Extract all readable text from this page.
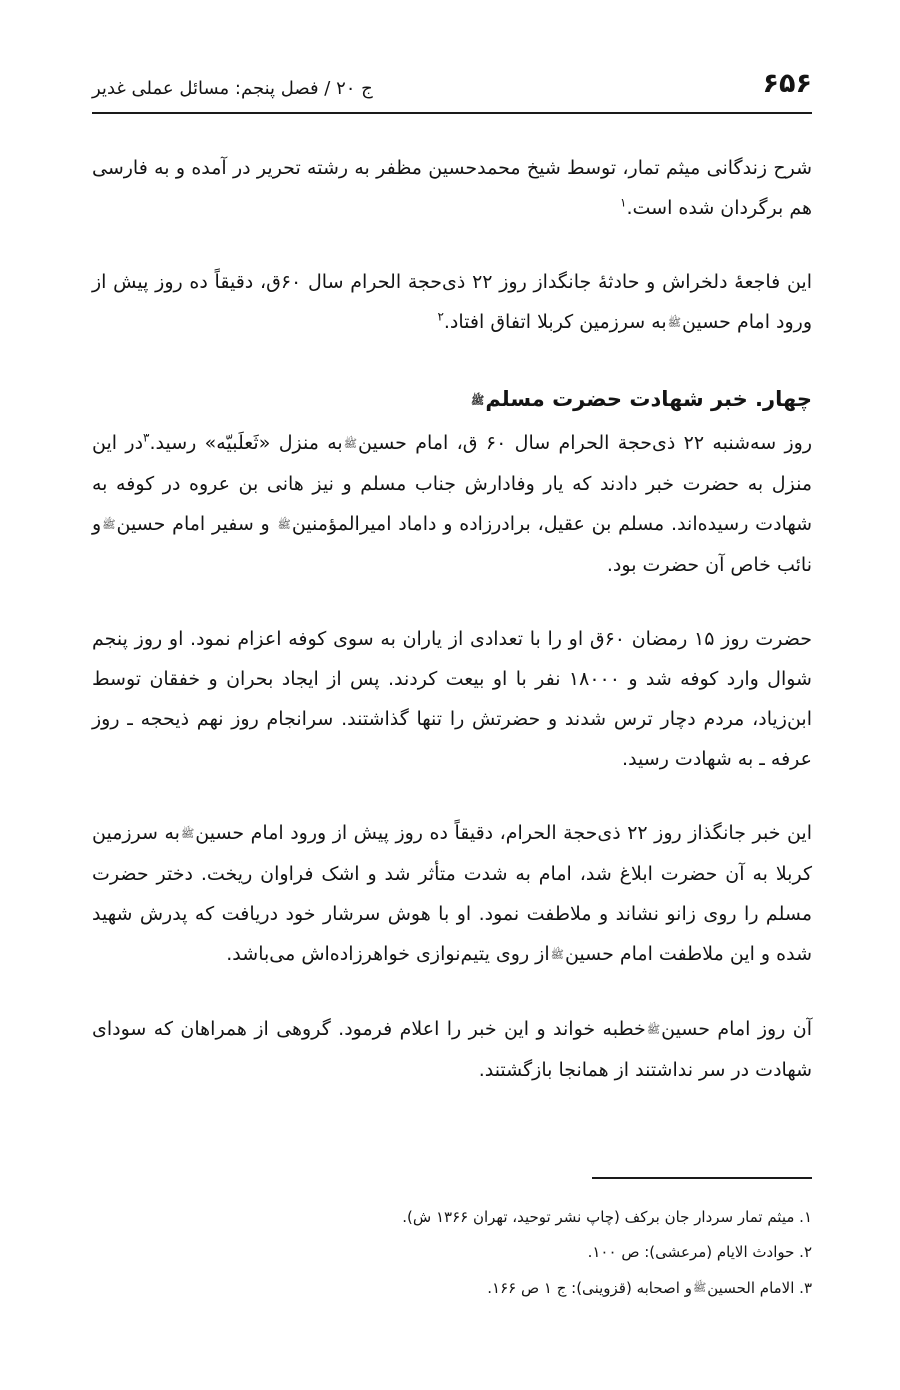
۶۵۶
ج ۲۰ / فصل پنجم: مسائل عملی غدیر

شرح زندگانی میثم تمار، توسط شیخ محمدحسین مظفر به رشته تحریر در آمده و به فارسی هم برگردان شده است.$^۱$

این فاجعهٔ دلخراش و حادثهٔ جانگداز روز ۲۲ ذی‌حجة الحرام سال ۶۰ق، دقیقاً ده روز پیش از ورود امام حسینﷺبه سرزمین کربلا اتفاق افتاد.$^۲$

چهار. خبر شهادت حضرت مسلمﷺ

روز سه‌شنبه ۲۲ ذی‌حجة الحرام سال ۶۰ ق، امام حسینﷺبه منزل «ثَعلَبیّه» رسید.$^۳$در این منزل به حضرت خبر دادند که یار وفادارش جناب مسلم و نیز هانی بن عروه در کوفه به شهادت رسیده‌اند. مسلم بن عقیل، برادرزاده و داماد امیرالمؤمنینﷺ و سفیر امام حسینﷺو نائب خاص آن حضرت بود.

حضرت روز ۱۵ رمضان ۶۰ق او را با تعدادی از یاران به سوی کوفه اعزام نمود. او روز پنجم شوال وارد کوفه شد و ۱۸۰۰۰ نفر با او بیعت کردند. پس از ایجاد بحران و خفقان توسط ابن‌زیاد، مردم دچار ترس شدند و حضرتش را تنها گذاشتند. سرانجام روز نهم ذیحجه ـ روز عرفه ـ به شهادت رسید.

این خبر جانگذاز روز ۲۲ ذی‌حجة الحرام، دقیقاً ده روز پیش از ورود امام حسینﷺبه سرزمین کربلا به آن حضرت ابلاغ شد، امام به شدت متأثر شد و اشک فراوان ریخت. دختر حضرت مسلم را روی زانو نشاند و ملاطفت نمود. او با هوش سرشار خود دریافت که پدرش شهید شده و این ملاطفت امام حسینﷺاز روی یتیم‌نوازی خواهرزاده‌اش می‌باشد.

آن روز امام حسینﷺخطبه خواند و این خبر را اعلام فرمود. گروهی از همراهان که سودای شهادت در سر نداشتند از همانجا بازگشتند.

۱. میثم تمار سردار جان برکف (چاپ نشر توحید، تهران ۱۳۶۶ ش).
۲. حوادث الایام (مرعشی): ص ۱۰۰.
۳. الامام الحسینﷺو اصحابه (قزوینی): ج ۱ ص ۱۶۶.
